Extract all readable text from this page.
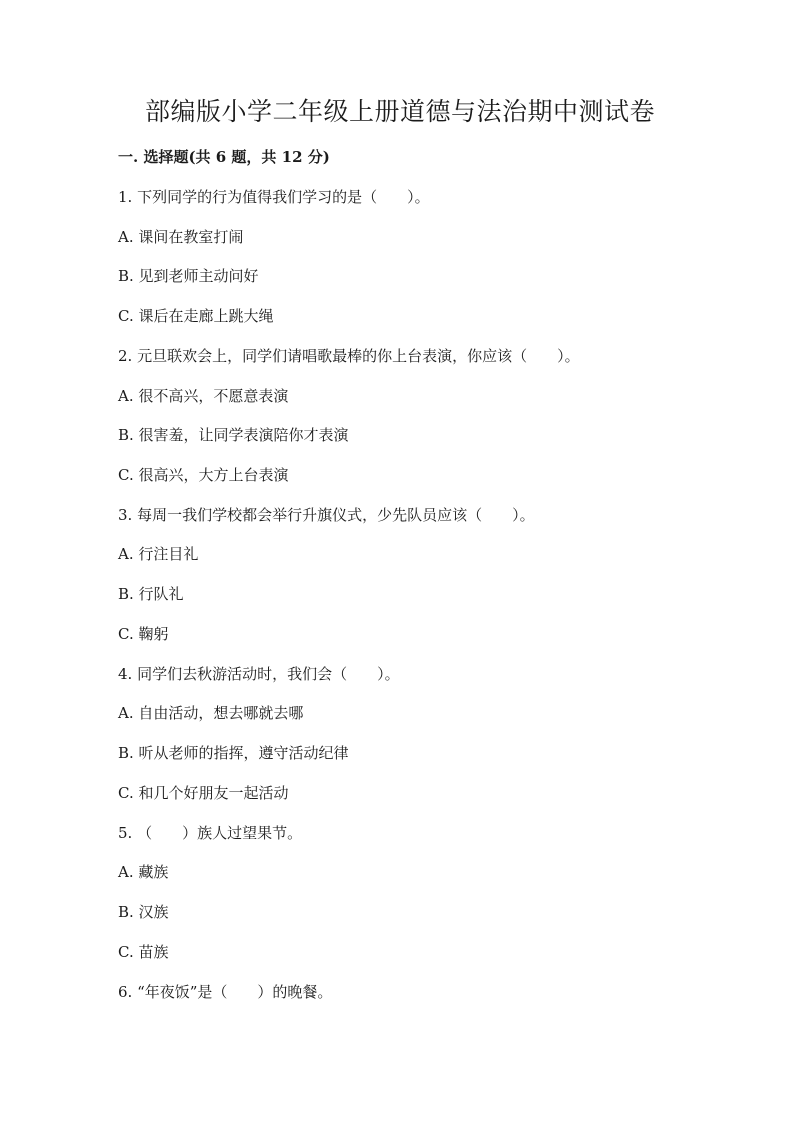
部编版小学二年级上册道德与法治期中测试卷
一. 选择题(共 6 题，共 12 分)
1. 下列同学的行为值得我们学习的是（　　）。
A. 课间在教室打闹
B. 见到老师主动问好
C. 课后在走廊上跳大绳
2. 元旦联欢会上，同学们请唱歌最棒的你上台表演，你应该（　　）。
A. 很不高兴，不愿意表演
B. 很害羞，让同学表演陪你才表演
C. 很高兴，大方上台表演
3. 每周一我们学校都会举行升旗仪式，少先队员应该（　　）。
A. 行注目礼
B. 行队礼
C. 鞠躬
4. 同学们去秋游活动时，我们会（　　）。
A. 自由活动，想去哪就去哪
B. 听从老师的指挥，遵守活动纪律
C. 和几个好朋友一起活动
5. （　　）族人过望果节。
A. 藏族
B. 汉族
C. 苗族
6. “年夜饭”是（　　）的晚餐。
